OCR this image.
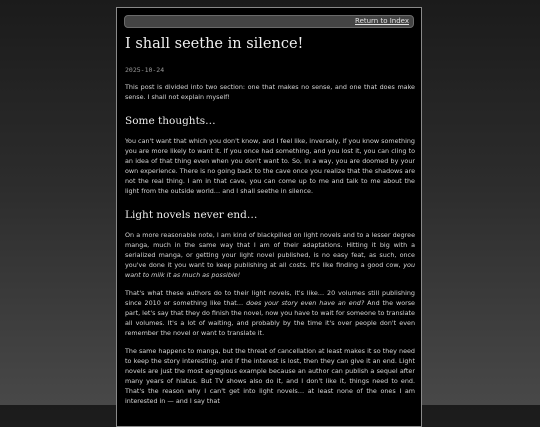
Return to Index
I shall seethe in silence!
2025-10-24

This post is divided into two section: one that makes no sense, and one that does make sense. I shall not explain myself!

Some thoughts…

You can't want that which you don't know, and I feel like, inversely, if you know something you are more likely to want it. If you once had something, and you lost it, you can cling to an idea of that thing even when you don't want to. So, in a way, you are doomed by your own experience. There is no going back to the cave once you realize that the shadows are not the real thing. I am in that cave, you can come up to me and talk to me about the light from the outside world… and I shall seethe in silence.

Light novels never end…

On a more reasonable note, I am kind of blackpilled on light novels and to a lesser degree manga, much in the same way that I am of their adaptations. Hitting it big with a serialized manga, or getting your light novel published, is no easy feat, as such, once you've done it you want to keep publishing at all costs. It's like finding a good cow, you want to milk it as much as possible!

That's what these authors do to their light novels, it's like… 20 volumes still publishing since 2010 or something like that… does your story even have an end? And the worse part, let's say that they do finish the novel, now you have to wait for someone to translate all volumes. It's a lot of waiting, and probably by the time it's over people don't even remember the novel or want to translate it.

The same happens to manga, but the threat of cancellation at least makes it so they need to keep the story interesting, and if the interest is lost, then they can give it an end. Light novels are just the most egregious example because an author can publish a sequel after many years of hiatus. But TV shows also do it, and I don't like it, things need to end. That's the reason why I can't get into light novels… at least none of the ones I am interested in — and I say that
